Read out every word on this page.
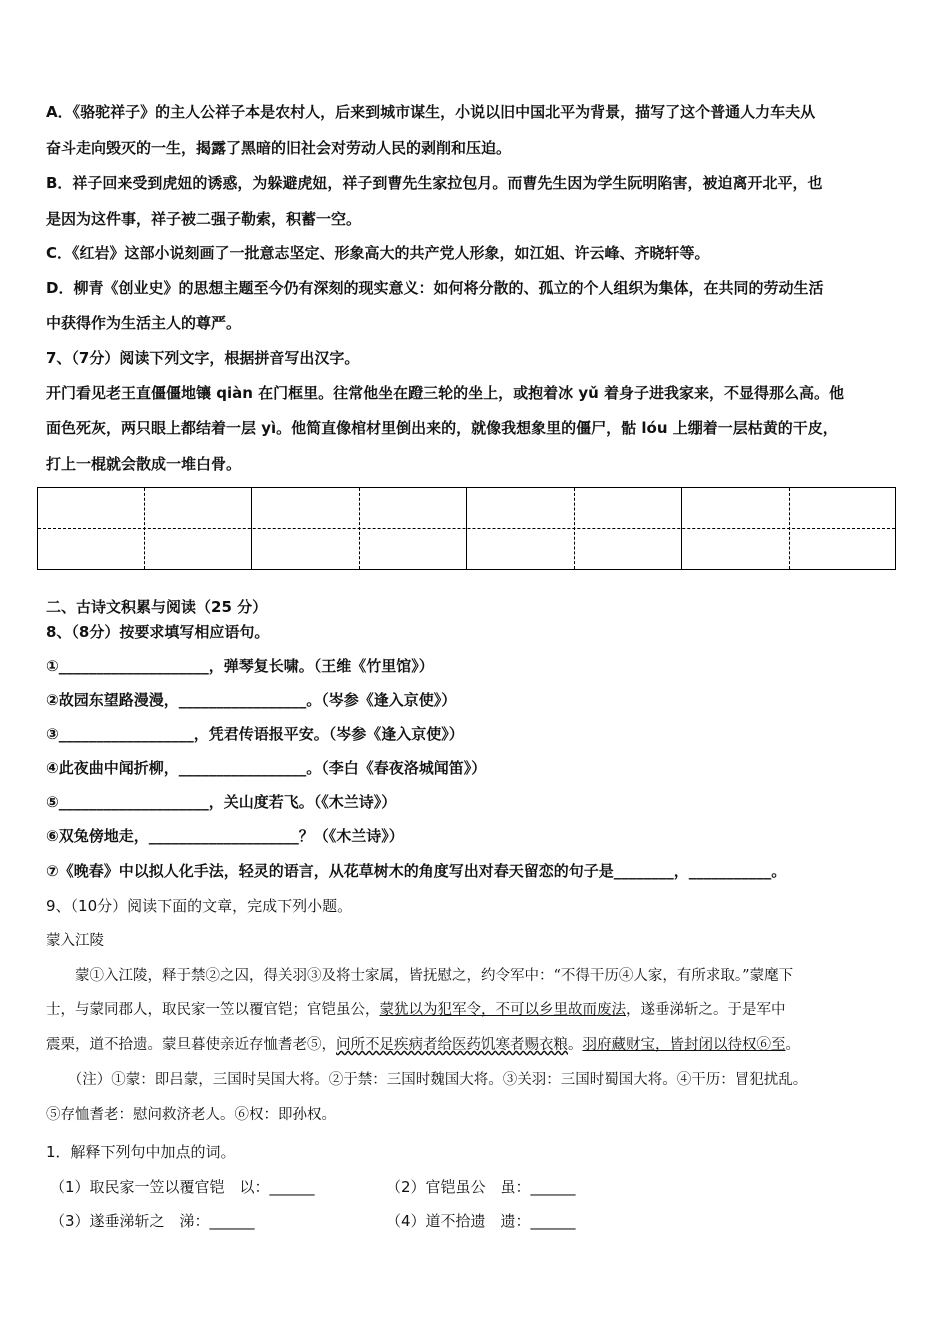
A．《骆驼祥子》的主人公祥子本是农村人，后来到城市谋生，小说以旧中国北平为背景，描写了这个普通人力车夫从
奋斗走向毁灭的一生，揭露了黑暗的旧社会对劳动人民的剥削和压迫。
B．祥子回来受到虎妞的诱惑，为躲避虎妞，祥子到曹先生家拉包月。而曹先生因为学生阮明陷害，被迫离开北平，也
是因为这件事，祥子被二强子勒索，积蓄一空。
C．《红岩》这部小说刻画了一批意志坚定、形象高大的共产党人形象，如江姐、许云峰、齐晓轩等。
D．柳青《创业史》的思想主题至今仍有深刻的现实意义：如何将分散的、孤立的个人组织为集体，在共同的劳动生活
中获得作为生活主人的尊严。
7、（7分）阅读下列文字，根据拼音写出汉字。
开门看见老王直僵僵地镶 qiàn 在门框里。往常他坐在蹬三轮的坐上，或抱着冰 yǔ 着身子进我家来，不显得那么高。他
面色死灰，两只眼上都结着一层 yì。他简直像棺材里倒出来的，就像我想象里的僵尸，骷 lóu 上绷着一层枯黄的干皮，
打上一棍就会散成一堆白骨。
二、古诗文积累与阅读（25 分）
8、（8分）按要求填写相应语句。
①____________________，弹琴复长啸。（王维《竹里馆》）
②故园东望路漫漫，_________________。（岑参《逢入京使》）
③__________________，凭君传语报平安。（岑参《逢入京使》）
④此夜曲中闻折柳，_________________。（李白《春夜洛城闻笛》）
⑤____________________，关山度若飞。（《木兰诗》）
⑥双兔傍地走，____________________？（《木兰诗》）
⑦《晚春》中以拟人化手法，轻灵的语言，从花草树木的角度写出对春天留恋的句子是________，___________。
9、（10分）阅读下面的文章，完成下列小题。
蒙入江陵
　　蒙①入江陵，释于禁②之囚，得关羽③及将士家属，皆抚慰之，约令军中：“不得干历④人家，有所求取。”蒙麾下
士，与蒙同郡人，取民家一笠以覆官铠；官铠虽公，蒙犹以为犯军令，不可以乡里故而废法，遂垂涕斩之。于是军中
震栗，道不拾遗。蒙旦暮使亲近存恤耆老⑤，问所不足疾病者给医药饥寒者赐衣粮。羽府藏财宝，皆封闭以待权⑥至。
　　（注）①蒙：即吕蒙，三国时吴国大将。②于禁：三国时魏国大将。③关羽：三国时蜀国大将。④干历：冒犯扰乱。
⑤存恤耆老：慰问救济老人。⑥权：即孙权。
1．解释下列句中加点的词。
（1）取民家一笠以覆官铠　以：______	（2）官铠虽公　虽：______
（3）遂垂涕斩之　涕：______	（4）道不拾遗　遗：______
